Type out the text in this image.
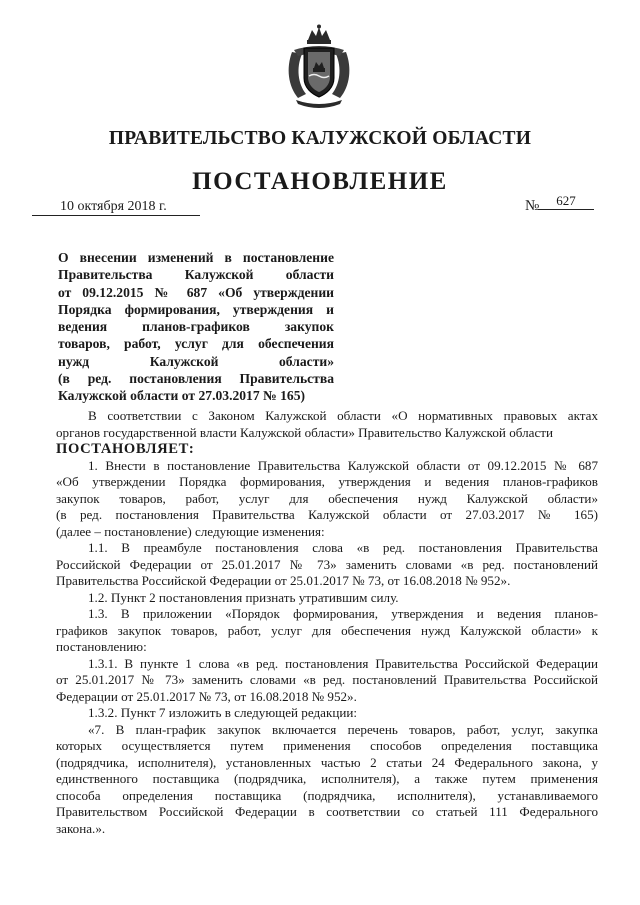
ПРАВИТЕЛЬСТВО КАЛУЖСКОЙ ОБЛАСТИ
ПОСТАНОВЛЕНИЕ
10 октября 2018 г.	№	627
О внесении изменений в постановление
Правительства Калужской области
от 09.12.2015 № 687 «Об утверждении
Порядка формирования, утверждения и
ведения планов-графиков закупок
товаров, работ, услуг для обеспечения
нужд Калужской области»
(в ред. постановления Правительства
Калужской области от 27.03.2017 № 165)

В соответствии с Законом Калужской области «О нормативных правовых актах
органов государственной власти Калужской области» Правительство Калужской области

ПОСТАНОВЛЯЕТ:

1. Внести в постановление Правительства Калужской области от 09.12.2015 № 687
«Об утверждении Порядка формирования, утверждения и ведения планов-графиков
закупок товаров, работ, услуг для обеспечения нужд Калужской области»
(в ред. постановления Правительства Калужской области от 27.03.2017 № 165)
(далее – постановление) следующие изменения:

1.1. В преамбуле постановления слова «в ред. постановления Правительства
Российской Федерации от 25.01.2017 № 73» заменить словами «в ред. постановлений
Правительства Российской Федерации от 25.01.2017 № 73, от 16.08.2018 № 952».

1.2. Пункт 2 постановления признать утратившим силу.

1.3. В приложении «Порядок формирования, утверждения и ведения планов-
графиков закупок товаров, работ, услуг для обеспечения нужд Калужской области» к
постановлению:

1.3.1. В пункте 1 слова «в ред. постановления Правительства Российской Федерации
от 25.01.2017 № 73» заменить словами «в ред. постановлений Правительства Российской
Федерации от 25.01.2017 № 73, от 16.08.2018 № 952».

1.3.2. Пункт 7 изложить в следующей редакции:

«7. В план-график закупок включается перечень товаров, работ, услуг, закупка
которых осуществляется путем применения способов определения поставщика
(подрядчика, исполнителя), установленных частью 2 статьи 24 Федерального закона, у
единственного поставщика (подрядчика, исполнителя), а также путем применения
способа определения поставщика (подрядчика, исполнителя), устанавливаемого
Правительством Российской Федерации в соответствии со статьей 111 Федерального
закона.».
